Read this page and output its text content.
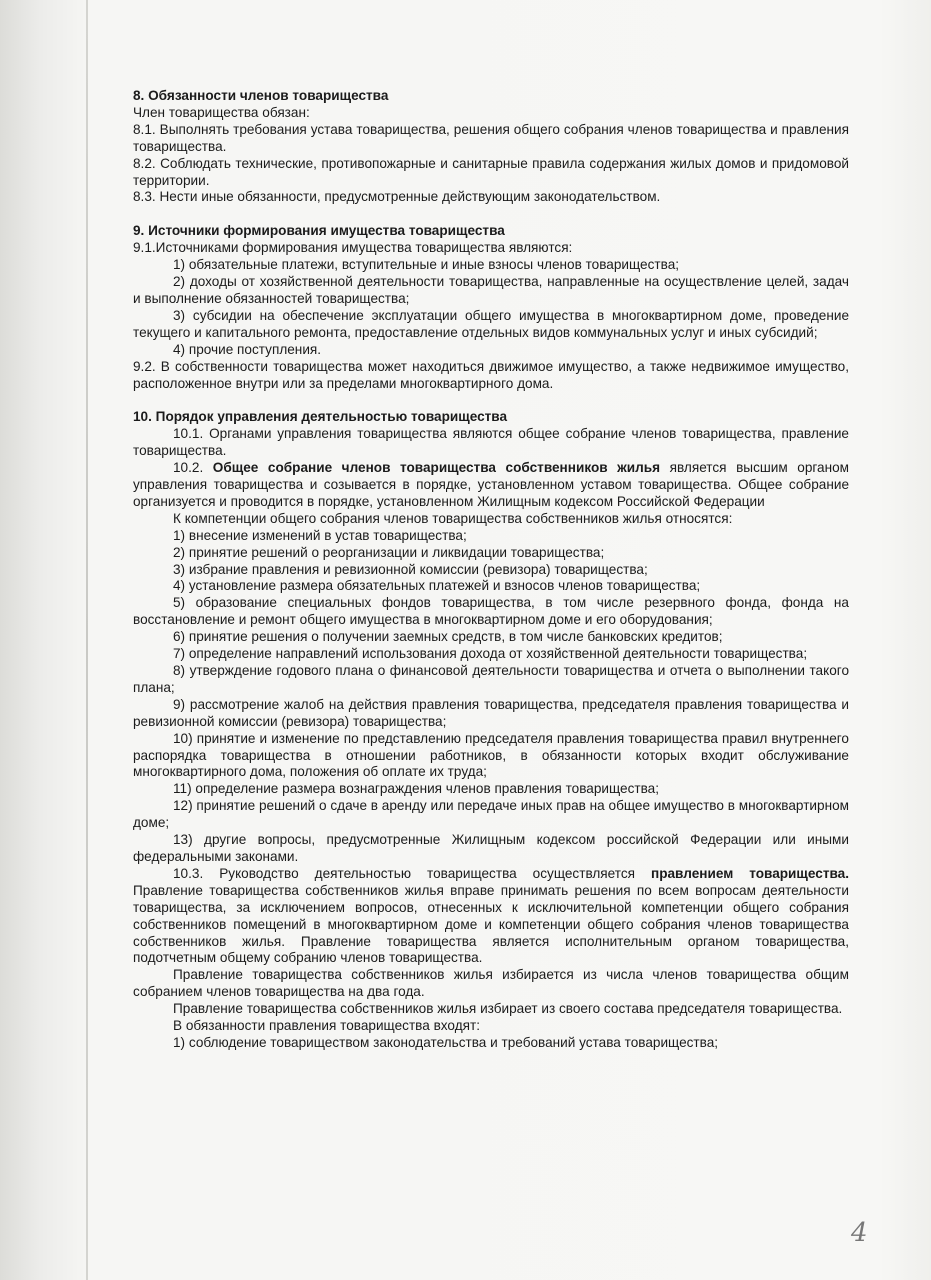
8. Обязанности членов товарищества

Член товарищества обязан:

8.1. Выполнять требования устава товарищества, решения общего собрания членов товарищества и правления товарищества.

8.2. Соблюдать технические, противопожарные и санитарные правила содержания жилых домов и придомовой территории.

8.3. Нести иные обязанности, предусмотренные действующим законодательством.

9. Источники формирования имущества товарищества

9.1.Источниками формирования имущества товарищества являются:

1) обязательные платежи, вступительные и иные взносы членов товарищества;

2) доходы от хозяйственной деятельности товарищества, направленные на осуществление целей, задач и выполнение обязанностей товарищества;

3) субсидии на обеспечение эксплуатации общего имущества в многоквартирном доме, проведение текущего и капитального ремонта, предоставление отдельных видов коммунальных услуг и иных субсидий;

4) прочие поступления.

9.2. В собственности товарищества может находиться движимое имущество, а также недвижимое имущество, расположенное внутри или за пределами многоквартирного дома.

10. Порядок управления деятельностью товарищества

10.1. Органами управления товарищества являются общее собрание членов товарищества, правление товарищества.

10.2. Общее собрание членов товарищества собственников жилья является высшим органом управления товарищества и созывается в порядке, установленном уставом товарищества. Общее собрание организуется и проводится в порядке, установленном Жилищным кодексом Российской Федерации

К компетенции общего собрания членов товарищества собственников жилья относятся:

1) внесение изменений в устав товарищества;

2) принятие решений о реорганизации и ликвидации товарищества;

3) избрание правления и ревизионной комиссии (ревизора) товарищества;

4) установление размера обязательных платежей и взносов членов товарищества;

5) образование специальных фондов товарищества, в том числе резервного фонда, фонда на восстановление и ремонт общего имущества в многоквартирном доме и его оборудования;

6) принятие решения о получении заемных средств, в том числе банковских кредитов;

7) определение направлений использования дохода от хозяйственной деятельности товарищества;

8) утверждение годового плана о финансовой деятельности товарищества и отчета о выполнении такого плана;

9) рассмотрение жалоб на действия правления товарищества, председателя правления товарищества и ревизионной комиссии (ревизора) товарищества;

10) принятие и изменение по представлению председателя правления товарищества правил внутреннего распорядка товарищества в отношении работников, в обязанности которых входит обслуживание многоквартирного дома, положения об оплате их труда;

11) определение размера вознаграждения членов правления товарищества;

12) принятие решений о сдаче в аренду или передаче иных прав на общее имущество в многоквартирном доме;

13) другие вопросы, предусмотренные Жилищным кодексом российской Федерации или иными федеральными законами.

10.3. Руководство деятельностью товарищества осуществляется правлением товарищества. Правление товарищества собственников жилья вправе принимать решения по всем вопросам деятельности товарищества, за исключением вопросов, отнесенных к исключительной компетенции общего собрания собственников помещений в многоквартирном доме и компетенции общего собрания членов товарищества собственников жилья. Правление товарищества является исполнительным органом товарищества, подотчетным общему собранию членов товарищества.

Правление товарищества собственников жилья избирается из числа членов товарищества общим собранием членов товарищества на два года.

Правление товарищества собственников жилья избирает из своего состава председателя товарищества.

В обязанности правления товарищества входят:

1) соблюдение товариществом законодательства и требований устава товарищества;

4
